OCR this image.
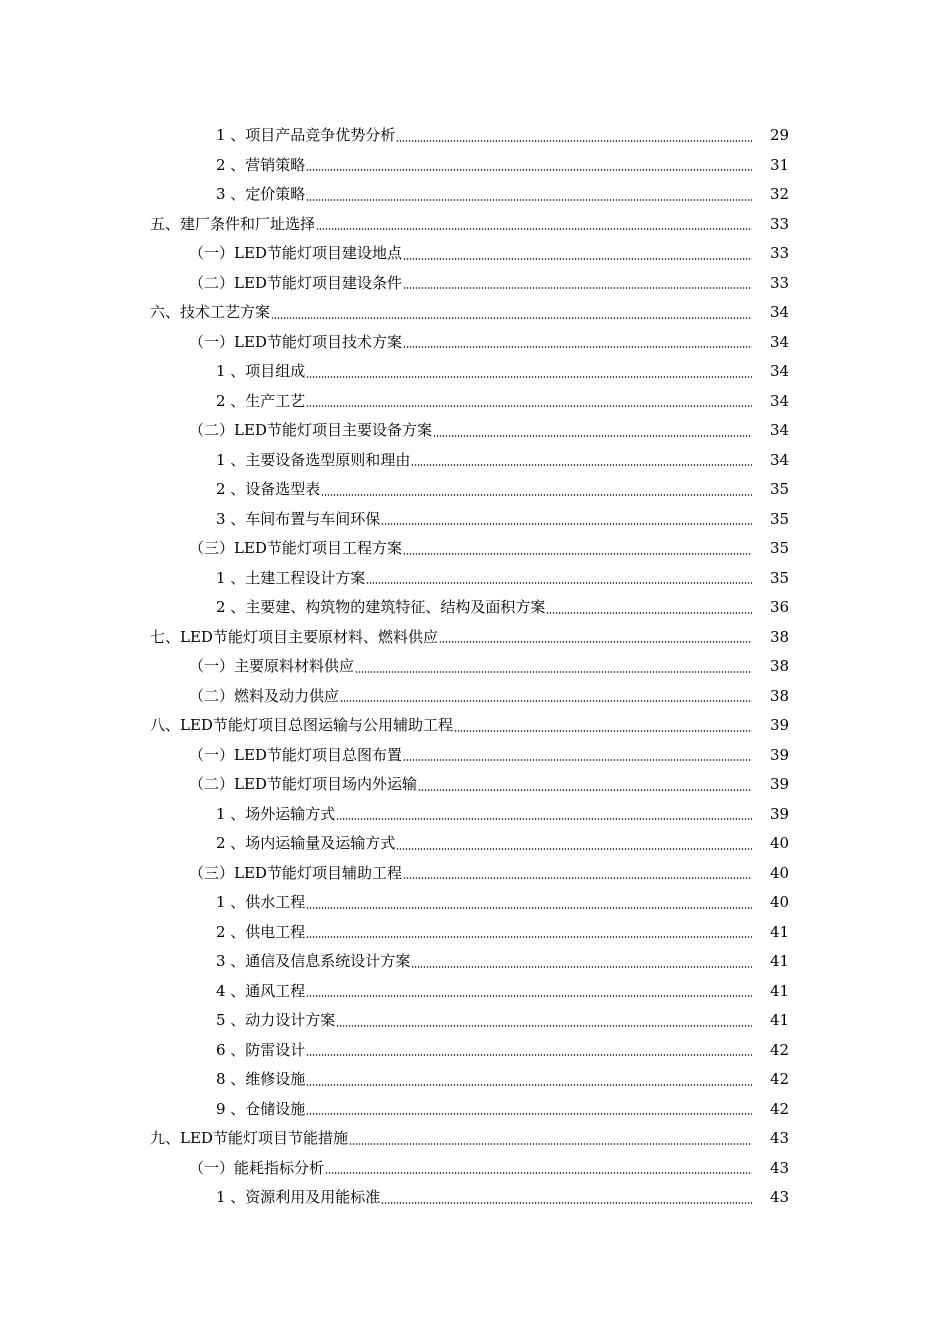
1 、项目产品竞争优势分析	29
2 、营销策略	31
3 、定价策略	32
五、建厂条件和厂址选择	33
（一）LED节能灯项目建设地点	33
（二）LED节能灯项目建设条件	33
六、技术工艺方案	34
（一）LED节能灯项目技术方案	34
1 、项目组成	34
2 、生产工艺	34
（二）LED节能灯项目主要设备方案	34
1 、主要设备选型原则和理由	34
2 、设备选型表	35
3 、车间布置与车间环保	35
（三）LED节能灯项目工程方案	35
1 、土建工程设计方案	35
2 、主要建、构筑物的建筑特征、结构及面积方案	36
七、LED节能灯项目主要原材料、燃料供应	38
（一）主要原料材料供应	38
（二）燃料及动力供应	38
八、LED节能灯项目总图运输与公用辅助工程	39
（一）LED节能灯项目总图布置	39
（二）LED节能灯项目场内外运输	39
1 、场外运输方式	39
2 、场内运输量及运输方式	40
（三）LED节能灯项目辅助工程	40
1 、供水工程	40
2 、供电工程	41
3 、通信及信息系统设计方案	41
4 、通风工程	41
5 、动力设计方案	41
6 、防雷设计	42
8 、维修设施	42
9 、仓储设施	42
九、LED节能灯项目节能措施	43
（一）能耗指标分析	43
1 、资源利用及用能标准	43
